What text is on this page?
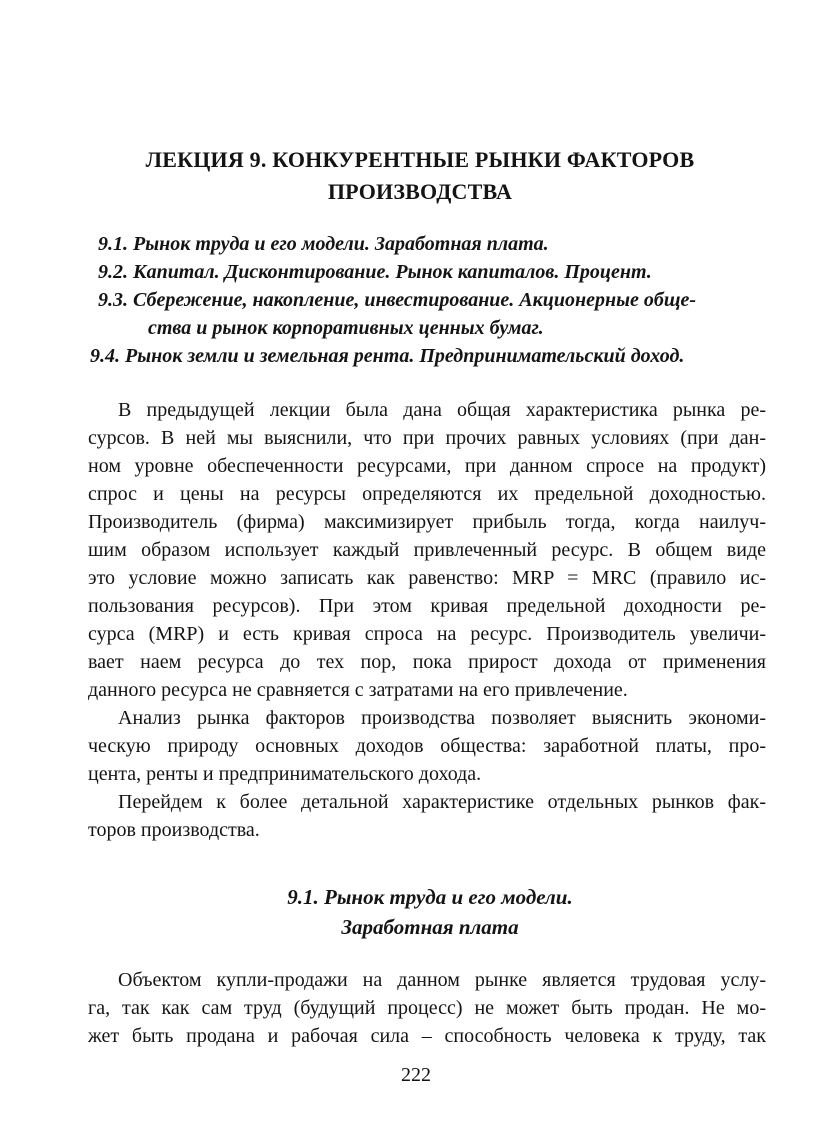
ЛЕКЦИЯ 9. КОНКУРЕНТНЫЕ РЫНКИ ФАКТОРОВ
ПРОИЗВОДСТВА
9.1. Рынок труда и его модели. Заработная плата.
9.2. Капитал. Дисконтирование. Рынок капиталов. Процент.
9.3. Сбережение, накопление, инвестирование. Акционерные обще-
ства и рынок корпоративных ценных бумаг.
9.4. Рынок земли и земельная рента. Предпринимательский доход.
В предыдущей лекции была дана общая характеристика рынка ре-
сурсов. В ней мы выяснили, что при прочих равных условиях (при дан-
ном уровне обеспеченности ресурсами, при данном спросе на продукт)
спрос и цены на ресурсы определяются их предельной доходностью.
Производитель (фирма) максимизирует прибыль тогда, когда наилуч-
шим образом использует каждый привлеченный ресурс. В общем виде
это условие можно записать как равенство: MRP = MRC (правило ис-
пользования ресурсов). При этом кривая предельной доходности ре-
сурса (MRP) и есть кривая спроса на ресурс. Производитель увеличи-
вает наем ресурса до тех пор, пока прирост дохода от применения
данного ресурса не сравняется с затратами на его привлечение.
Анализ рынка факторов производства позволяет выяснить экономи-
ческую природу основных доходов общества: заработной платы, про-
цента, ренты и предпринимательского дохода.
Перейдем к более детальной характеристике отдельных рынков фак-
торов производства.
9.1. Рынок труда и его модели.
Заработная плата
Объектом купли-продажи на данном рынке является трудовая услу-
га, так как сам труд (будущий процесс) не может быть продан. Не мо-
жет быть продана и рабочая сила – способность человека к труду, так
222
